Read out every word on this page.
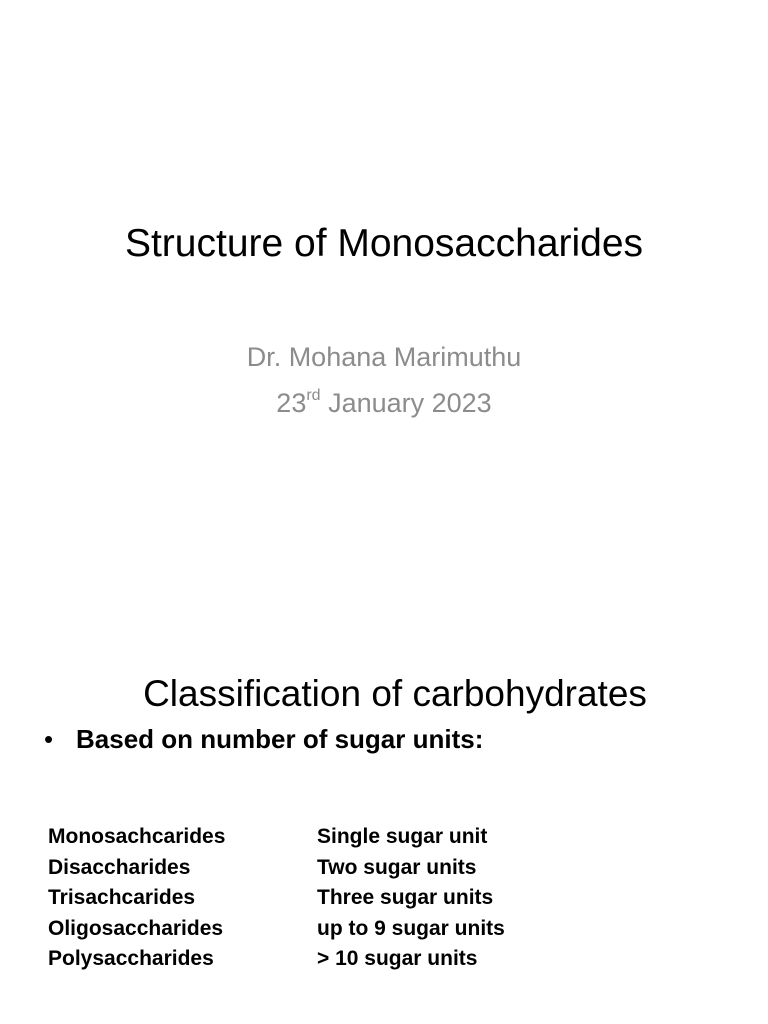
Structure of Monosaccharides
Dr. Mohana Marimuthu
23rd January 2023
Classification of carbohydrates
• Based on number of sugar units:
Monosachcarides	Single sugar unit
Disaccharides	Two sugar units
Trisachcarides	Three sugar units
Oligosaccharides	up to 9 sugar units
Polysaccharides	> 10 sugar units
